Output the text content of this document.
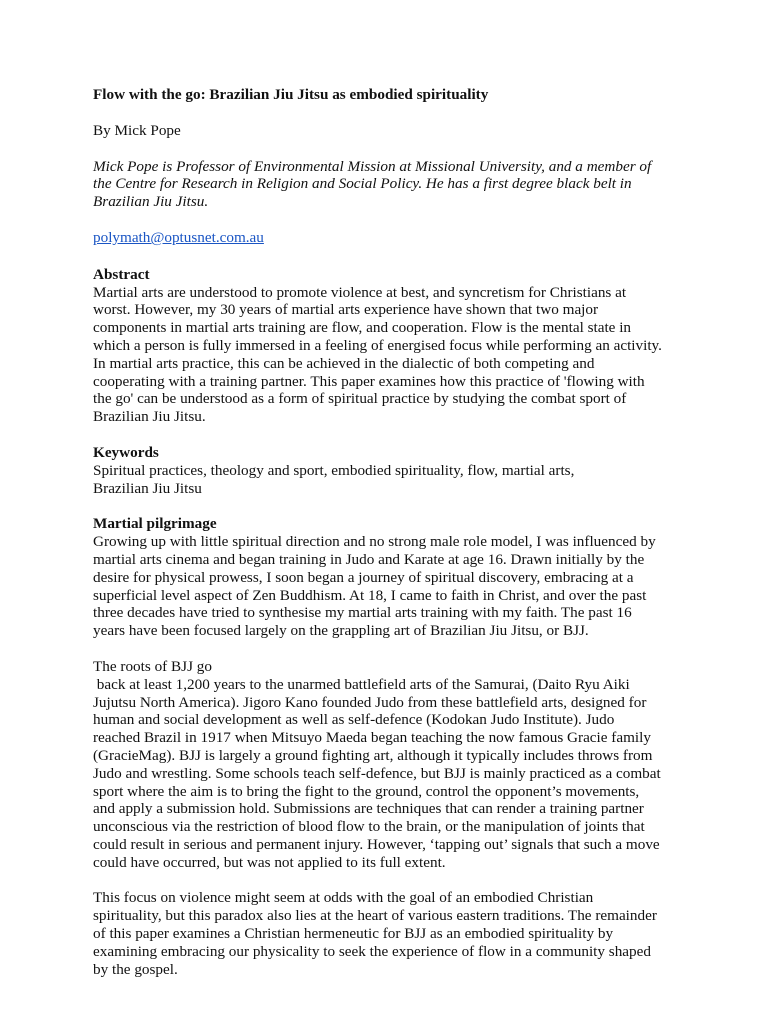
Flow with the go: Brazilian Jiu Jitsu as embodied spirituality
By Mick Pope
Mick Pope is Professor of Environmental Mission at Missional University, and a member of
the Centre for Research in Religion and Social Policy. He has a first degree black belt in
Brazilian Jiu Jitsu.
polymath@optusnet.com.au
Abstract
Martial arts are understood to promote violence at best, and syncretism for Christians at
worst. However, my 30 years of martial arts experience have shown that two major
components in martial arts training are flow, and cooperation. Flow is the mental state in
which a person is fully immersed in a feeling of energised focus while performing an activity.
In martial arts practice, this can be achieved in the dialectic of both competing and
cooperating with a training partner. This paper examines how this practice of 'flowing with
the go' can be understood as a form of spiritual practice by studying the combat sport of
Brazilian Jiu Jitsu.
Keywords
Spiritual practices, theology and sport, embodied spirituality, flow, martial arts,
Brazilian Jiu Jitsu
Martial pilgrimage
Growing up with little spiritual direction and no strong male role model, I was influenced by
martial arts cinema and began training in Judo and Karate at age 16. Drawn initially by the
desire for physical prowess, I soon began a journey of spiritual discovery, embracing at a
superficial level aspect of Zen Buddhism. At 18, I came to faith in Christ, and over the past
three decades have tried to synthesise my martial arts training with my faith. The past 16
years have been focused largely on the grappling art of Brazilian Jiu Jitsu, or BJJ.
The roots of BJJ go
back at least 1,200 years to the unarmed battlefield arts of the Samurai, (Daito Ryu Aiki
Jujutsu North America). Jigoro Kano founded Judo from these battlefield arts, designed for
human and social development as well as self-defence (Kodokan Judo Institute). Judo
reached Brazil in 1917 when Mitsuyo Maeda began teaching the now famous Gracie family
(GracieMag). BJJ is largely a ground fighting art, although it typically includes throws from
Judo and wrestling. Some schools teach self-defence, but BJJ is mainly practiced as a combat
sport where the aim is to bring the fight to the ground, control the opponent’s movements,
and apply a submission hold. Submissions are techniques that can render a training partner
unconscious via the restriction of blood flow to the brain, or the manipulation of joints that
could result in serious and permanent injury. However, ‘tapping out’ signals that such a move
could have occurred, but was not applied to its full extent.
This focus on violence might seem at odds with the goal of an embodied Christian
spirituality, but this paradox also lies at the heart of various eastern traditions. The remainder
of this paper examines a Christian hermeneutic for BJJ as an embodied spirituality by
examining embracing our physicality to seek the experience of flow in a community shaped
by the gospel.
